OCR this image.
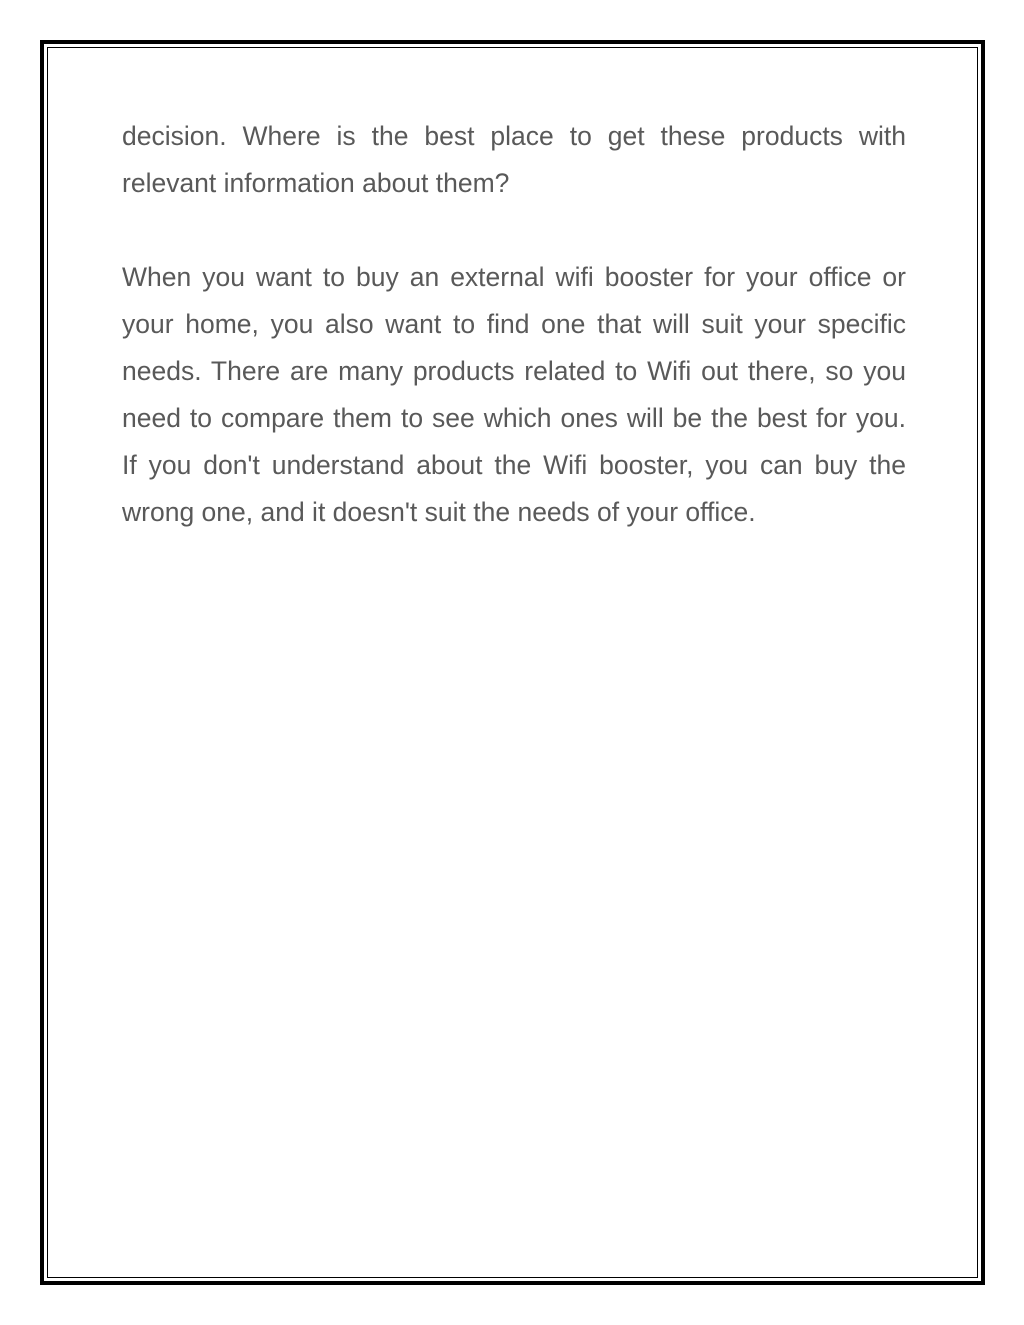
decision. Where is the best place to get these products with relevant information about them?

When you want to buy an external wifi booster for your office or your home, you also want to find one that will suit your specific needs. There are many products related to Wifi out there, so you need to compare them to see which ones will be the best for you. If you don't understand about the Wifi booster, you can buy the wrong one, and it doesn't suit the needs of your office.
